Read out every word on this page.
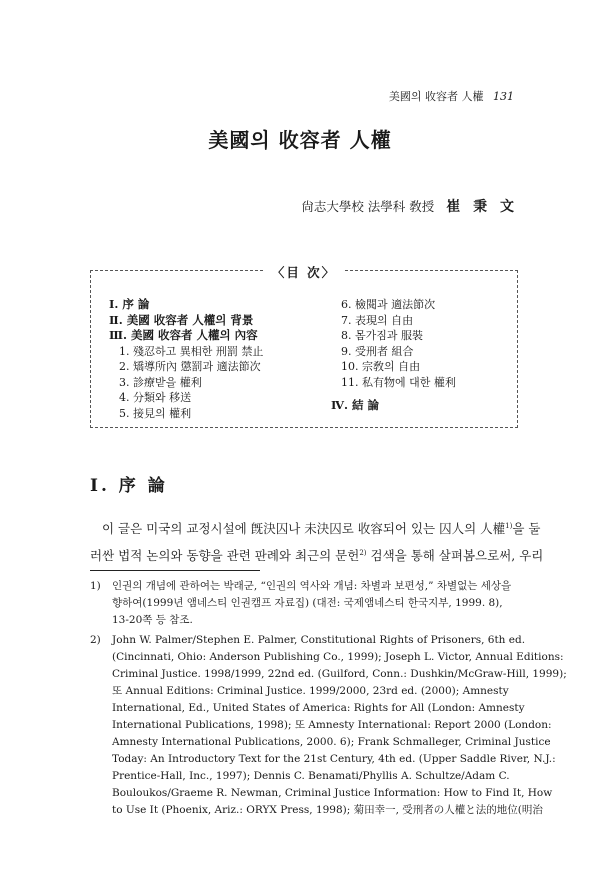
美國의 收容者 人權 131
美國의 收容者 人權
尙志大學校 法學科 敎授 崔 秉 文
〈目 次〉
Ⅰ. 序 論
Ⅱ. 美國 收容者 人權의 背景
Ⅲ. 美國 收容者 人權의 內容
1. 殘忍하고 異相한 刑罰 禁止
2. 矯導所內 懲罰과 適法節次
3. 診療받을 權利
4. 分類와 移送
5. 接見의 權利
6. 檢閱과 適法節次
7. 表現의 自由
8. 몸가짐과 服裝
9. 受刑者 組合
10. 宗敎의 自由
11. 私有物에 대한 權利
Ⅳ. 結 論
Ⅰ. 序 論
이 글은 미국의 교정시설에 旣決囚나 未決囚로 收容되어 있는 囚人의 人權$^{1)}$을 둘
러싼 법적 논의와 동향을 관련 판례와 최근의 문헌$^{2)}$ 검색을 통해 살펴봄으로써, 우리
1) 인권의 개념에 관하여는 박래군, “인권의 역사와 개념: 차별과 보편성,” 차별없는 세상을
향하여(1999년 앰네스티 인권캠프 자료집) (대전: 국제앰네스티 한국지부, 1999. 8),
13-20쪽 등 참조.
2) John W. Palmer/Stephen E. Palmer, Constitutional Rights of Prisoners, 6th ed.
(Cincinnati, Ohio: Anderson Publishing Co., 1999); Joseph L. Victor, Annual Editions:
Criminal Justice. 1998/1999, 22nd ed. (Guilford, Conn.: Dushkin/McGraw-Hill, 1999);
또 Annual Editions: Criminal Justice. 1999/2000, 23rd ed. (2000); Amnesty
International, Ed., United States of America: Rights for All (London: Amnesty
International Publications, 1998); 또 Amnesty International: Report 2000 (London:
Amnesty International Publications, 2000. 6); Frank Schmalleger, Criminal Justice
Today: An Introductory Text for the 21st Century, 4th ed. (Upper Saddle River, N.J.:
Prentice-Hall, Inc., 1997); Dennis C. Benamati/Phyllis A. Schultze/Adam C.
Bouloukos/Graeme R. Newman, Criminal Justice Information: How to Find It, How
to Use It (Phoenix, Ariz.: ORYX Press, 1998); 菊田幸一, 受刑者の人權と法的地位(明治
